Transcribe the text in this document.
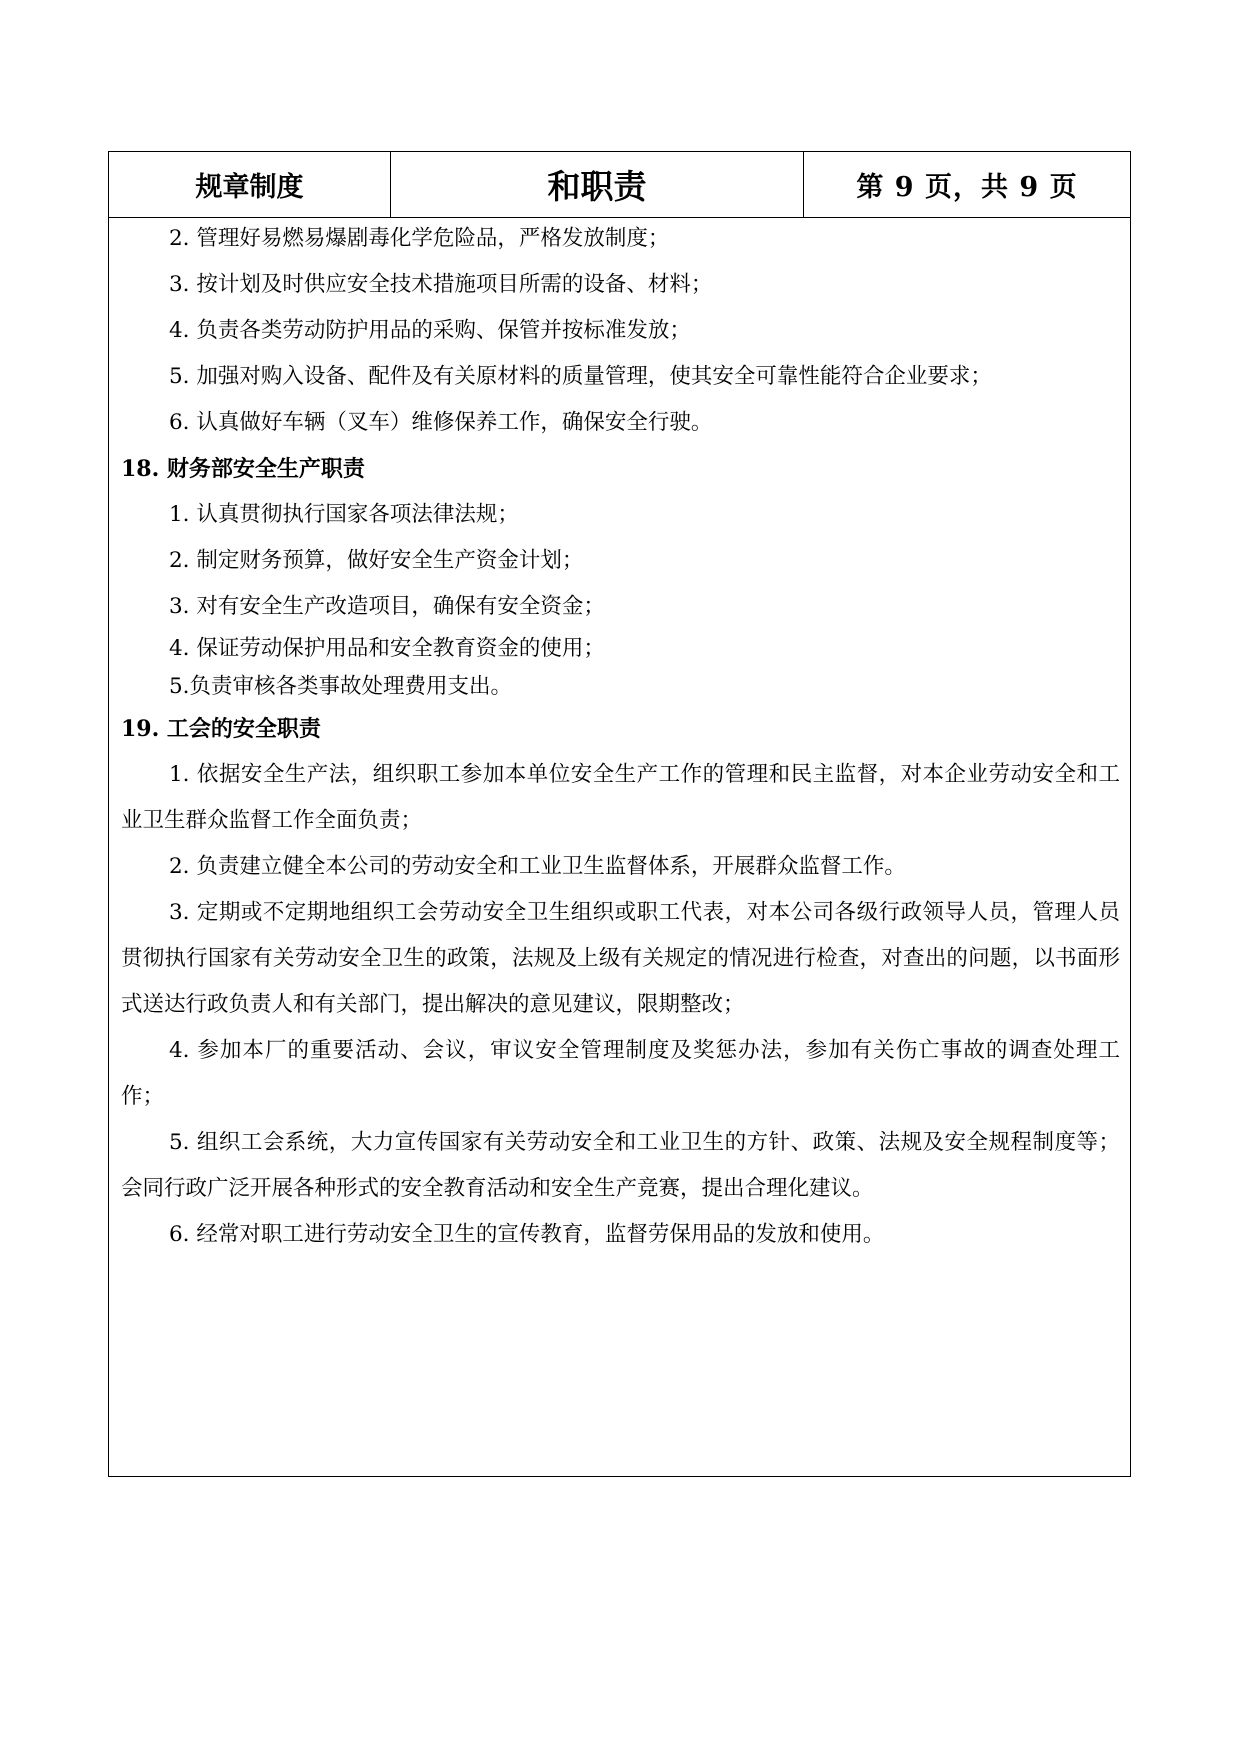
规章制度	和职责	第 9 页，共 9 页
2. 管理好易燃易爆剧毒化学危险品，严格发放制度；
3. 按计划及时供应安全技术措施项目所需的设备、材料；
4. 负责各类劳动防护用品的采购、保管并按标准发放；
5. 加强对购入设备、配件及有关原材料的质量管理，使其安全可靠性能符合企业要求；
6. 认真做好车辆（叉车）维修保养工作，确保安全行驶。
18. 财务部安全生产职责
1. 认真贯彻执行国家各项法律法规；
2. 制定财务预算，做好安全生产资金计划；
3. 对有安全生产改造项目，确保有安全资金；
4. 保证劳动保护用品和安全教育资金的使用；
5.负责审核各类事故处理费用支出。
19. 工会的安全职责

1. 依据安全生产法，组织职工参加本单位安全生产工作的管理和民主监督，对本企业劳动安全和工业卫生群众监督工作全面负责；

2. 负责建立健全本公司的劳动安全和工业卫生监督体系，开展群众监督工作。

3. 定期或不定期地组织工会劳动安全卫生组织或职工代表，对本公司各级行政领导人员，管理人员贯彻执行国家有关劳动安全卫生的政策，法规及上级有关规定的情况进行检查，对查出的问题，以书面形式送达行政负责人和有关部门，提出解决的意见建议，限期整改；

4. 参加本厂的重要活动、会议，审议安全管理制度及奖惩办法，参加有关伤亡事故的调查处理工作；

5. 组织工会系统，大力宣传国家有关劳动安全和工业卫生的方针、政策、法规及安全规程制度等；会同行政广泛开展各种形式的安全教育活动和安全生产竞赛，提出合理化建议。

6. 经常对职工进行劳动安全卫生的宣传教育，监督劳保用品的发放和使用。
